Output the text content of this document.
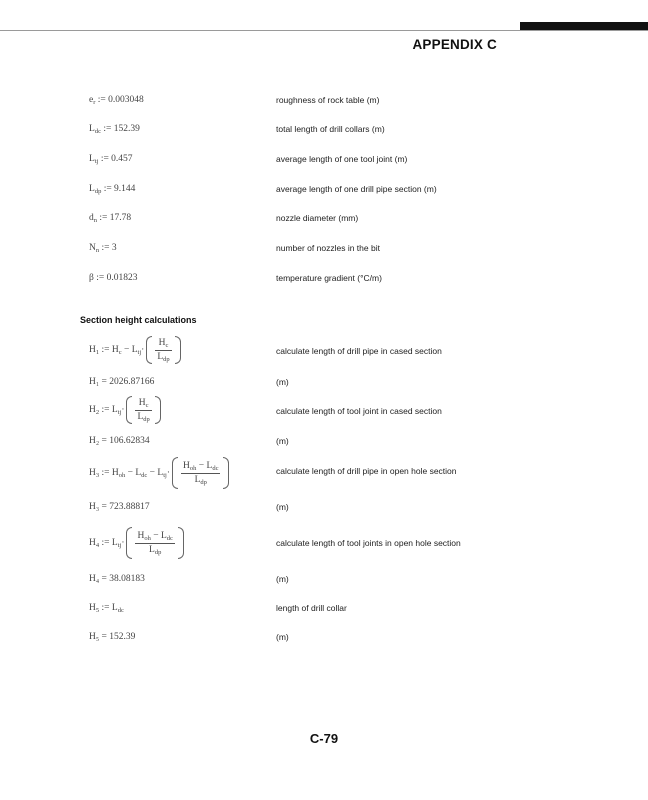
APPENDIX C
$e_r$ := 0.003048	roughness of rock table (m)
$L_{dc}$ := 152.39	total length of drill collars (m)
$L_{tj}$ := 0.457	average length of one tool joint (m)
$L_{dp}$ := 9.144	average length of one drill pipe section (m)
$d_n$ := 17.78	nozzle diameter (mm)
$N_n$ := 3	number of nozzles in the bit
β := 0.01823	temperature gradient (°C/m)
Section height calculations
$H_1$ := $H_c - L_{tj}\cdot \frac{H_c}{L_{dp}}$	calculate length of drill pipe in cased section
H₁ = 2026.87166	(m)
$H_2$ := $L_{tj}\cdot \frac{H_c}{L_{dp}}$	calculate length of tool joint in cased section
H₂ = 106.62834	(m)
$H_3$ := $H_{oh} - L_{dc} - L_{tj}\cdot \frac{H_{oh} - L_{dc}}{L_{dp}}$	calculate length of drill pipe in open hole section
H₃ = 723.88817	(m)
$H_4$ := $L_{tj}\cdot \frac{H_{oh} - L_{dc}}{L_{dp}}$	calculate length of tool joints in open hole section
H₄ = 38.08183	(m)
$H_5$ := $L_{dc}$	length of drill collar
H₅ = 152.39	(m)
C-79
